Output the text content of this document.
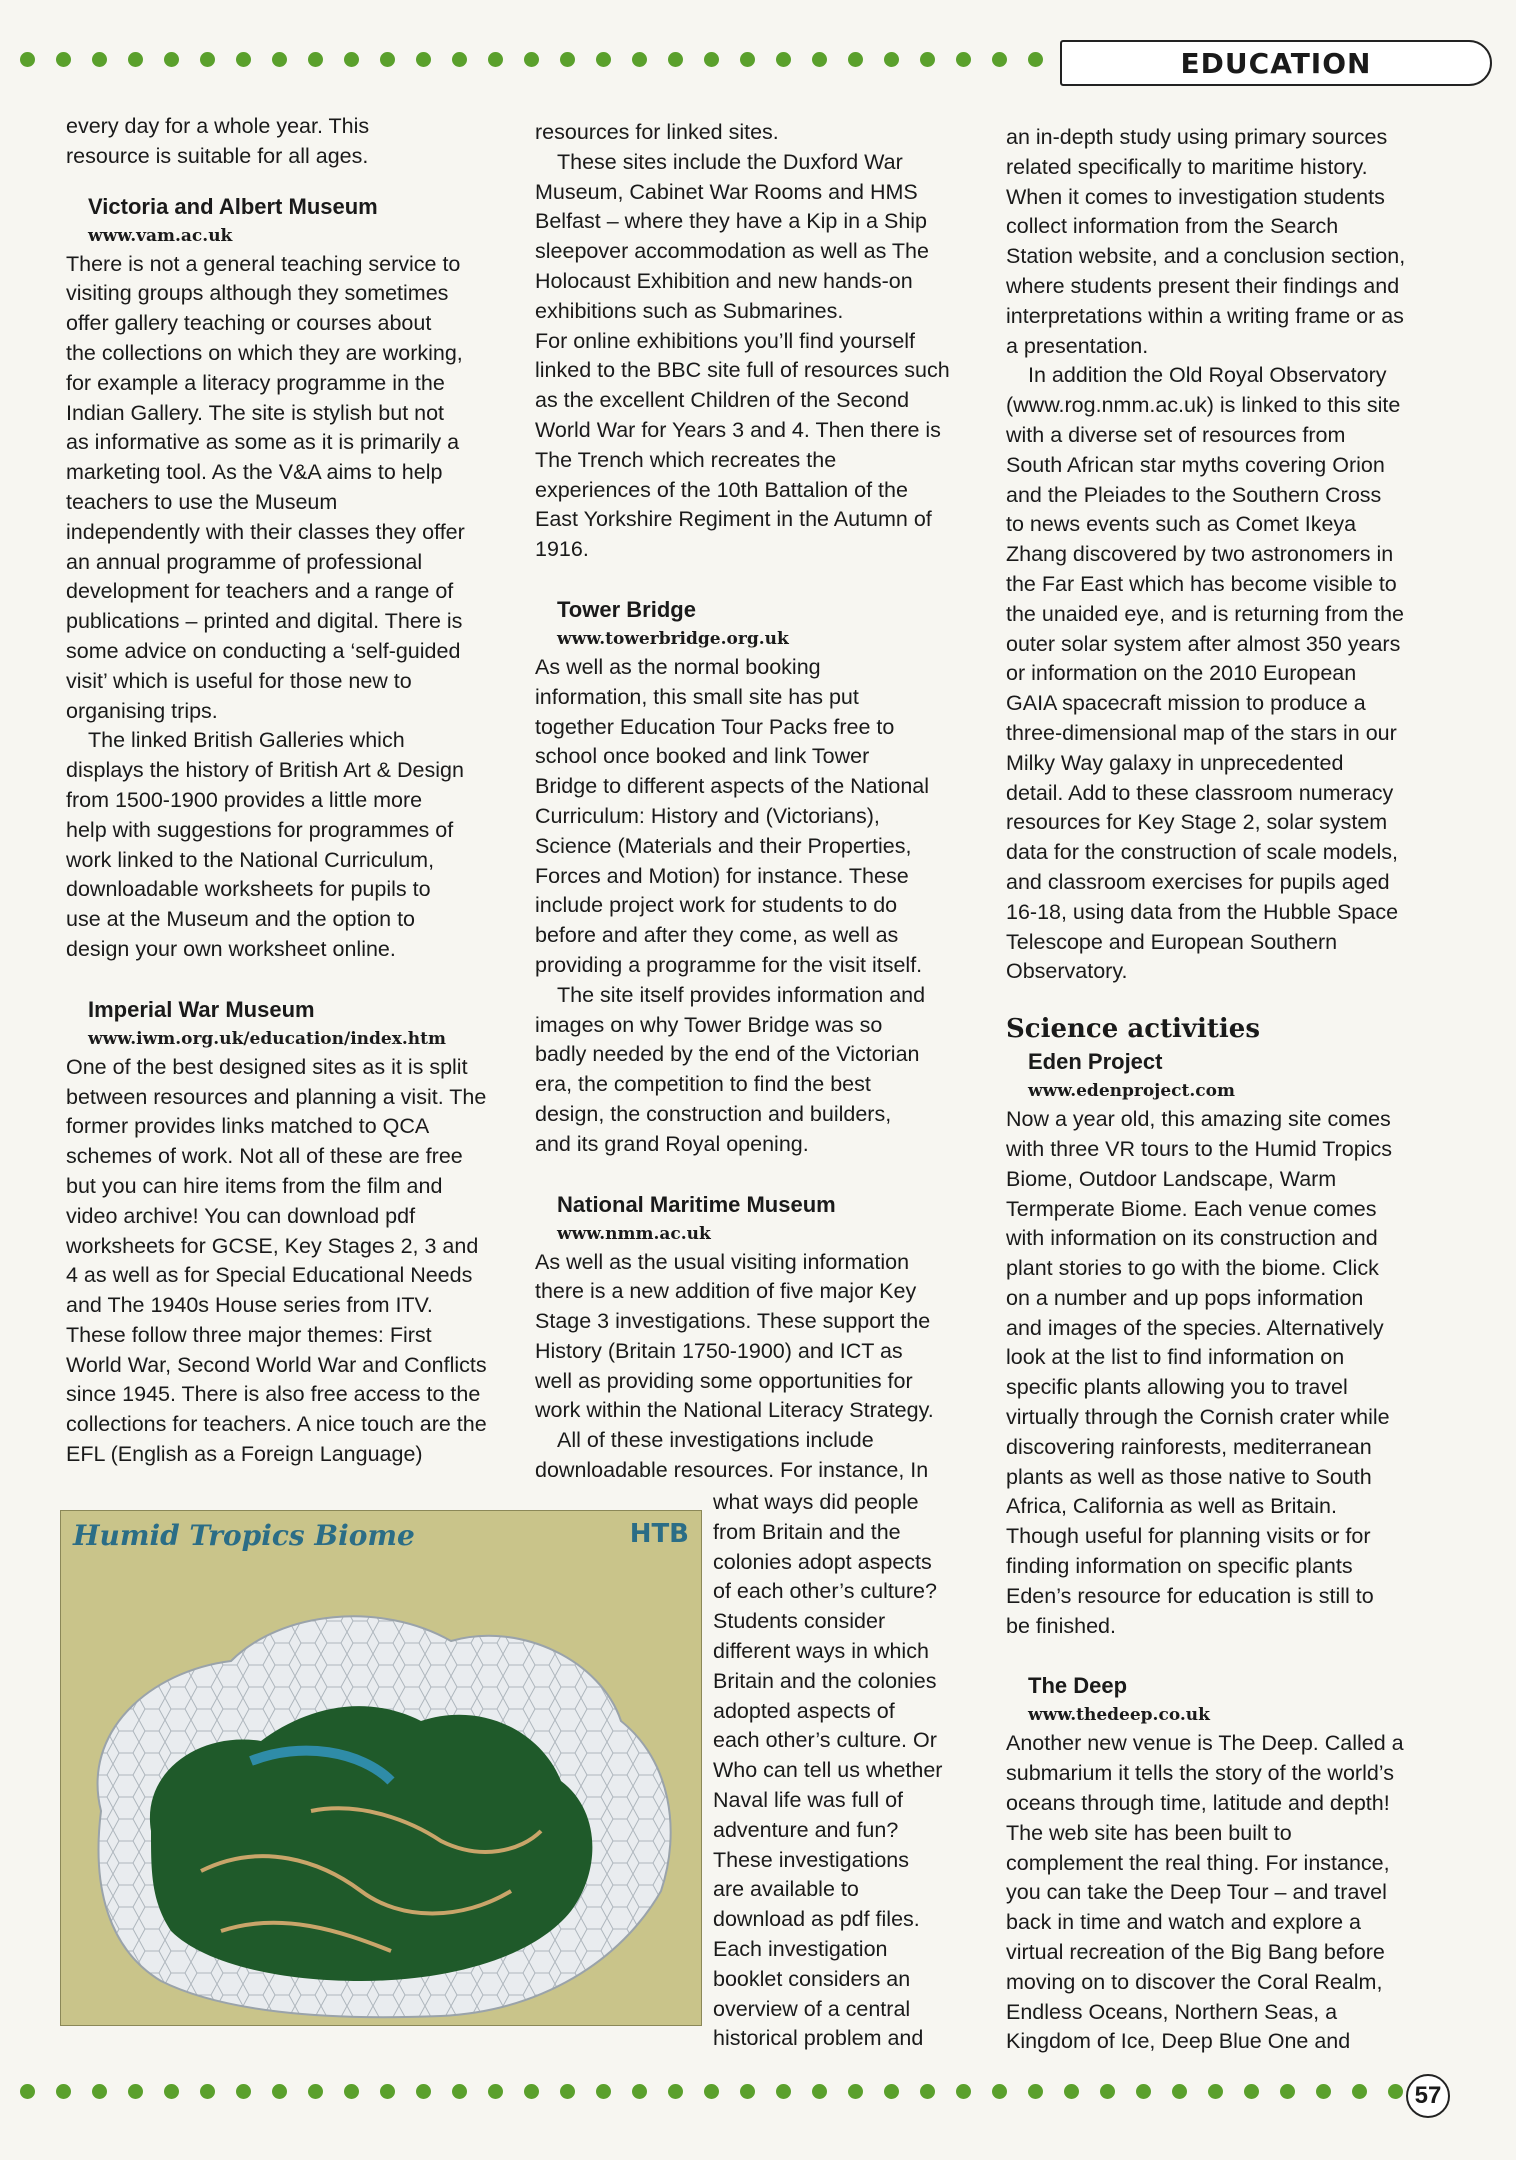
EDUCATION

every day for a whole year. This
resource is suitable for all ages.

Victoria and Albert Museum
www.vam.ac.uk

There is not a general teaching service to
visiting groups although they sometimes
offer gallery teaching or courses about
the collections on which they are working,
for example a literacy programme in the
Indian Gallery. The site is stylish but not
as informative as some as it is primarily a
marketing tool. As the V&A aims to help
teachers to use the Museum
independently with their classes they offer
an annual programme of professional
development for teachers and a range of
publications – printed and digital. There is
some advice on conducting a ‘self-guided
visit’ which is useful for those new to
organising trips.

The linked British Galleries which
displays the history of British Art & Design
from 1500-1900 provides a little more
help with suggestions for programmes of
work linked to the National Curriculum,
downloadable worksheets for pupils to
use at the Museum and the option to
design your own worksheet online.

Imperial War Museum
www.iwm.org.uk/education/index.htm

One of the best designed sites as it is split
between resources and planning a visit. The
former provides links matched to QCA
schemes of work. Not all of these are free
but you can hire items from the film and
video archive! You can download pdf
worksheets for GCSE, Key Stages 2, 3 and
4 as well as for Special Educational Needs
and The 1940s House series from ITV.
These follow three major themes: First
World War, Second World War and Conflicts
since 1945. There is also free access to the
collections for teachers. A nice touch are the
EFL (English as a Foreign Language)

resources for linked sites.

These sites include the Duxford War
Museum, Cabinet War Rooms and HMS
Belfast – where they have a Kip in a Ship
sleepover accommodation as well as The
Holocaust Exhibition and new hands-on
exhibitions such as Submarines.
For online exhibitions you’ll find yourself
linked to the BBC site full of resources such
as the excellent Children of the Second
World War for Years 3 and 4. Then there is
The Trench which recreates the
experiences of the 10th Battalion of the
East Yorkshire Regiment in the Autumn of
1916.

Tower Bridge
www.towerbridge.org.uk

As well as the normal booking
information, this small site has put
together Education Tour Packs free to
school once booked and link Tower
Bridge to different aspects of the National
Curriculum: History and (Victorians),
Science (Materials and their Properties,
Forces and Motion) for instance. These
include project work for students to do
before and after they come, as well as
providing a programme for the visit itself.

The site itself provides information and
images on why Tower Bridge was so
badly needed by the end of the Victorian
era, the competition to find the best
design, the construction and builders,
and its grand Royal opening.

National Maritime Museum
www.nmm.ac.uk

As well as the usual visiting information
there is a new addition of five major Key
Stage 3 investigations. These support the
History (Britain 1750-1900) and ICT as
well as providing some opportunities for
work within the National Literacy Strategy.

All of these investigations include
downloadable resources. For instance, In

what ways did people
from Britain and the
colonies adopt aspects
of each other’s culture?
Students consider
different ways in which
Britain and the colonies
adopted aspects of
each other’s culture. Or
Who can tell us whether
Naval life was full of
adventure and fun?
These investigations
are available to
download as pdf files.
Each investigation
booklet considers an
overview of a central
historical problem and

an in-depth study using primary sources
related specifically to maritime history.
When it comes to investigation students
collect information from the Search
Station website, and a conclusion section,
where students present their findings and
interpretations within a writing frame or as
a presentation.

In addition the Old Royal Observatory
(www.rog.nmm.ac.uk) is linked to this site
with a diverse set of resources from
South African star myths covering Orion
and the Pleiades to the Southern Cross
to news events such as Comet Ikeya
Zhang discovered by two astronomers in
the Far East which has become visible to
the unaided eye, and is returning from the
outer solar system after almost 350 years
or information on the 2010 European
GAIA spacecraft mission to produce a
three-dimensional map of the stars in our
Milky Way galaxy in unprecedented
detail. Add to these classroom numeracy
resources for Key Stage 2, solar system
data for the construction of scale models,
and classroom exercises for pupils aged
16-18, using data from the Hubble Space
Telescope and European Southern
Observatory.

Science activities
Eden Project
www.edenproject.com

Now a year old, this amazing site comes
with three VR tours to the Humid Tropics
Biome, Outdoor Landscape, Warm
Termperate Biome. Each venue comes
with information on its construction and
plant stories to go with the biome. Click
on a number and up pops information
and images of the species. Alternatively
look at the list to find information on
specific plants allowing you to travel
virtually through the Cornish crater while
discovering rainforests, mediterranean
plants as well as those native to South
Africa, California as well as Britain.
Though useful for planning visits or for
finding information on specific plants
Eden’s resource for education is still to
be finished.

The Deep
www.thedeep.co.uk

Another new venue is The Deep. Called a
submarium it tells the story of the world’s
oceans through time, latitude and depth!
The web site has been built to
complement the real thing. For instance,
you can take the Deep Tour – and travel
back in time and watch and explore a
virtual recreation of the Big Bang before
moving on to discover the Coral Realm,
Endless Oceans, Northern Seas, a
Kingdom of Ice, Deep Blue One and

Humid Tropics Biome	HTB
57
